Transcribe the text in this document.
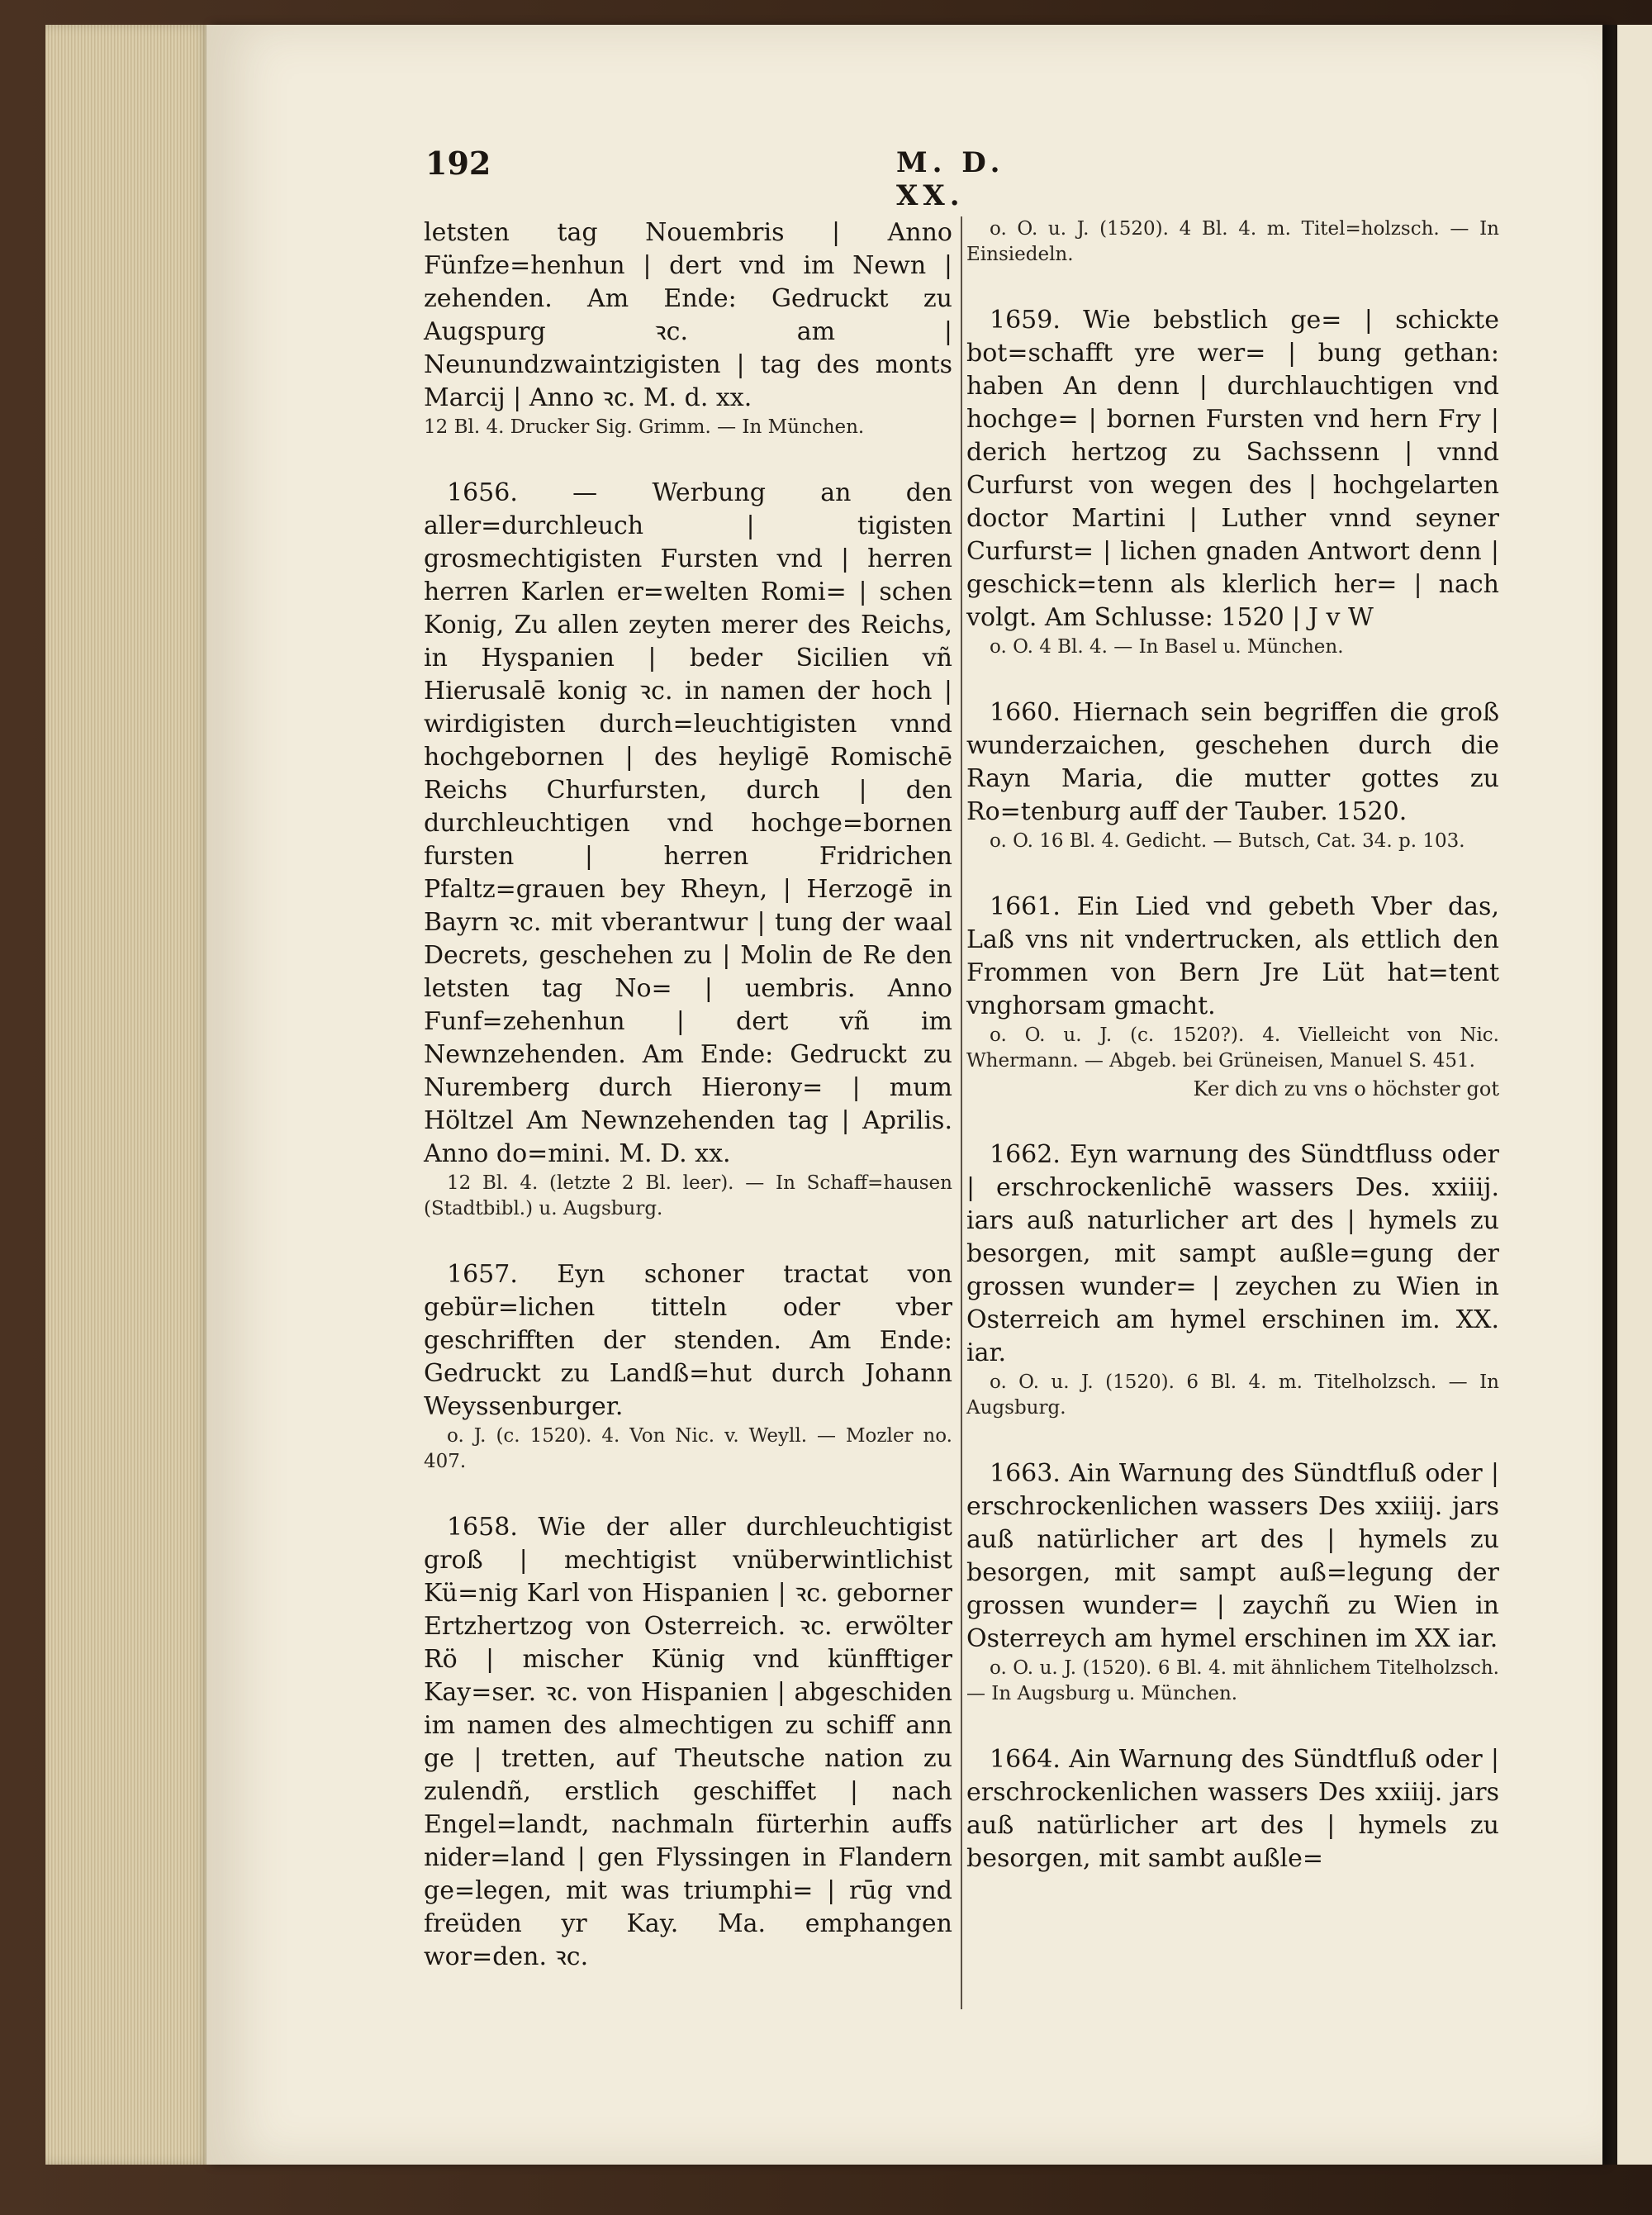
192	M. D. XX.

letsten tag Nouembris | Anno Fünfze=henhun | dert vnd im Newn | zehenden. Am Ende: Gedruckt zu Augspurg ꝛc. am | Neunundzwaintzigisten | tag des monts Marcij | Anno ꝛc. M. d. xx.

12 Bl. 4. Drucker Sig. Grimm. — In München.

1656. — Werbung an den aller=durchleuch | tigisten grosmechtigisten Fursten vnd | herren herren Karlen er=welten Romi= | schen Konig, Zu allen zeyten merer des Reichs, in Hyspanien | beder Sicilien vñ Hierusalē konig ꝛc. in namen der hoch | wirdigisten durch=leuchtigisten vnnd hochgebornen | des heyligē Romischē Reichs Churfursten, durch | den durchleuchtigen vnd hochge=bornen fursten | herren Fridrichen Pfaltz=grauen bey Rheyn, | Herzogē in Bayrn ꝛc. mit vberantwur | tung der waal Decrets, geschehen zu | Molin de Re den letsten tag No= | uembris. Anno Funf=zehenhun | dert vñ im Newnzehenden. Am Ende: Gedruckt zu Nuremberg durch Hierony= | mum Höltzel Am Newnzehenden tag | Aprilis. Anno do=mini. M. D. xx.

12 Bl. 4. (letzte 2 Bl. leer). — In Schaff=hausen (Stadtbibl.) u. Augsburg.

1657. Eyn schoner tractat von gebür=lichen titteln oder vber geschrifften der stenden. Am Ende: Gedruckt zu Landß=hut durch Johann Weyssenburger.

o. J. (c. 1520). 4. Von Nic. v. Weyll. — Mozler no. 407.

1658. Wie der aller durchleuchtigist groß | mechtigist vnüberwintlichist Kü=nig Karl von Hispanien | ꝛc. geborner Ertzhertzog von Osterreich. ꝛc. erwölter Rö | mischer Künig vnd künfftiger Kay=ser. ꝛc. von Hispanien | abgeschiden im namen des almechtigen zu schiff ann ge | tretten, auf Theutsche nation zu zulendñ, erstlich geschiffet | nach Engel=landt, nachmaln fürterhin auffs nider=land | gen Flyssingen in Flandern ge=legen, mit was triumphi= | rūg vnd freüden yr Kay. Ma. emphangen wor=den. ꝛc.

o. O. u. J. (1520). 4 Bl. 4. m. Titel=holzsch. — In Einsiedeln.

1659. Wie bebstlich ge= | schickte bot=schafft yre wer= | bung gethan: haben An denn | durchlauchtigen vnd hochge= | bornen Fursten vnd hern Fry | derich hertzog zu Sachssenn | vnnd Curfurst von wegen des | hochgelarten doctor Martini | Luther vnnd seyner Curfurst= | lichen gnaden Antwort denn | geschick=tenn als klerlich her= | nach volgt. Am Schlusse: 1520 | J v W

o. O. 4 Bl. 4. — In Basel u. München.

1660. Hiernach sein begriffen die groß wunderzaichen, geschehen durch die Rayn Maria, die mutter gottes zu Ro=tenburg auff der Tauber. 1520.

o. O. 16 Bl. 4. Gedicht. — Butsch, Cat. 34. p. 103.

1661. Ein Lied vnd gebeth Vber das, Laß vns nit vndertrucken, als ettlich den Frommen von Bern Jre Lüt hat=tent vnghorsam gmacht.

o. O. u. J. (c. 1520?). 4. Vielleicht von Nic. Whermann. — Abgeb. bei Grüneisen, Manuel S. 451.

Ker dich zu vns o höchster got

1662. Eyn warnung des Sündtfluss oder | erschrockenlichē wassers Des. xxiiij. iars auß naturlicher art des | hymels zu besorgen, mit sampt außle=gung der grossen wunder= | zeychen zu Wien in Osterreich am hymel erschinen im. XX. iar.

o. O. u. J. (1520). 6 Bl. 4. m. Titelholzsch. — In Augsburg.

1663. Ain Warnung des Sündtfluß oder | erschrockenlichen wassers Des xxiiij. jars auß natürlicher art des | hymels zu besorgen, mit sampt auß=legung der grossen wunder= | zaychñ zu Wien in Osterreych am hymel erschinen im XX iar.

o. O. u. J. (1520). 6 Bl. 4. mit ähnlichem Titelholzsch. — In Augsburg u. München.

1664. Ain Warnung des Sündtfluß oder | erschrockenlichen wassers Des xxiiij. jars auß natürlicher art des | hymels zu besorgen, mit sambt außle=
